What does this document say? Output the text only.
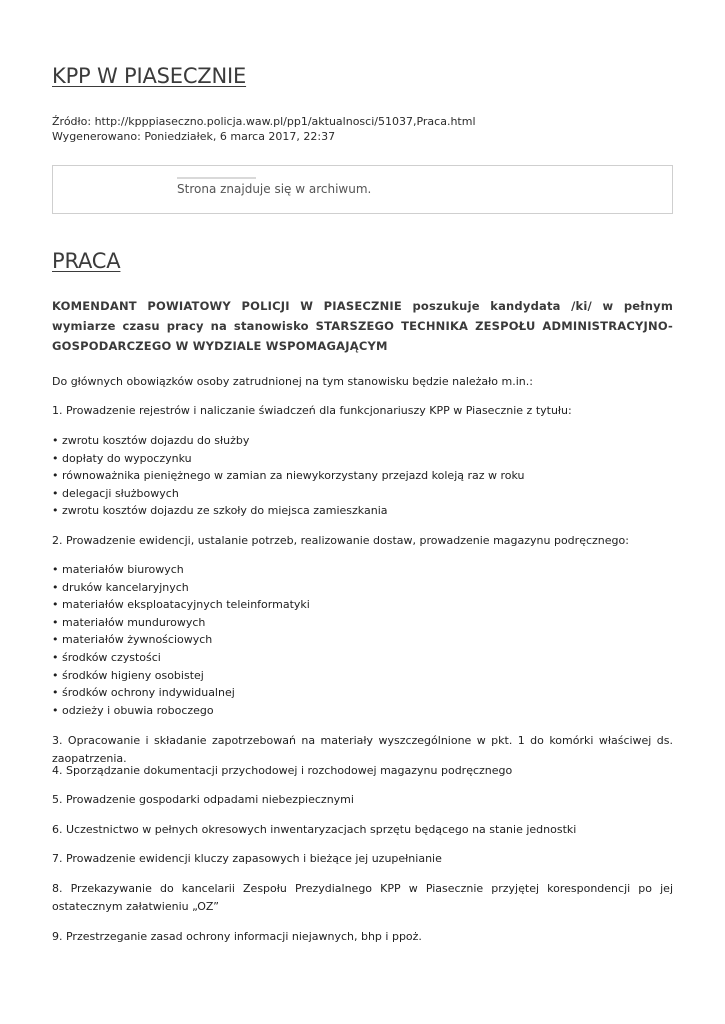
KPP W PIASECZNIE
Źródło: http://kpppiaseczno.policja.waw.pl/pp1/aktualnosci/51037,Praca.html
Wygenerowano: Poniedziałek, 6 marca 2017, 22:37
Strona znajduje się w archiwum.
PRACA

KOMENDANT POWIATOWY POLICJI W PIASECZNIE poszukuje kandydata /ki/ w pełnym wymiarze czasu pracy na stanowisko STARSZEGO TECHNIKA ZESPOŁU ADMINISTRACYJNO-GOSPODARCZEGO W WYDZIALE WSPOMAGAJĄCYM

Do głównych obowiązków osoby zatrudnionej na tym stanowisku będzie należało m.in.:

1. Prowadzenie rejestrów i naliczanie świadczeń dla funkcjonariuszy KPP w Piasecznie z tytułu:

• zwrotu kosztów dojazdu do służby
• dopłaty do wypoczynku
• równoważnika pieniężnego w zamian za niewykorzystany przejazd koleją raz w roku
• delegacji służbowych
• zwrotu kosztów dojazdu ze szkoły do miejsca zamieszkania

2. Prowadzenie ewidencji, ustalanie potrzeb, realizowanie dostaw, prowadzenie magazynu podręcznego:

• materiałów biurowych
• druków kancelaryjnych
• materiałów eksploatacyjnych teleinformatyki
• materiałów mundurowych
• materiałów żywnościowych
• środków czystości
• środków higieny osobistej
• środków ochrony indywidualnej
• odzieży i obuwia roboczego

3. Opracowanie i składanie zapotrzebowań na materiały wyszczególnione w pkt. 1 do komórki właściwej ds. zaopatrzenia.

4. Sporządzanie dokumentacji przychodowej i rozchodowej magazynu podręcznego

5. Prowadzenie gospodarki odpadami niebezpiecznymi

6. Uczestnictwo w pełnych okresowych inwentaryzacjach sprzętu będącego na stanie jednostki

7. Prowadzenie ewidencji kluczy zapasowych i bieżące jej uzupełnianie

8. Przekazywanie do kancelarii Zespołu Prezydialnego KPP w Piasecznie przyjętej korespondencji po jej ostatecznym załatwieniu „OZ”

9. Przestrzeganie zasad ochrony informacji niejawnych, bhp i ppoż.
